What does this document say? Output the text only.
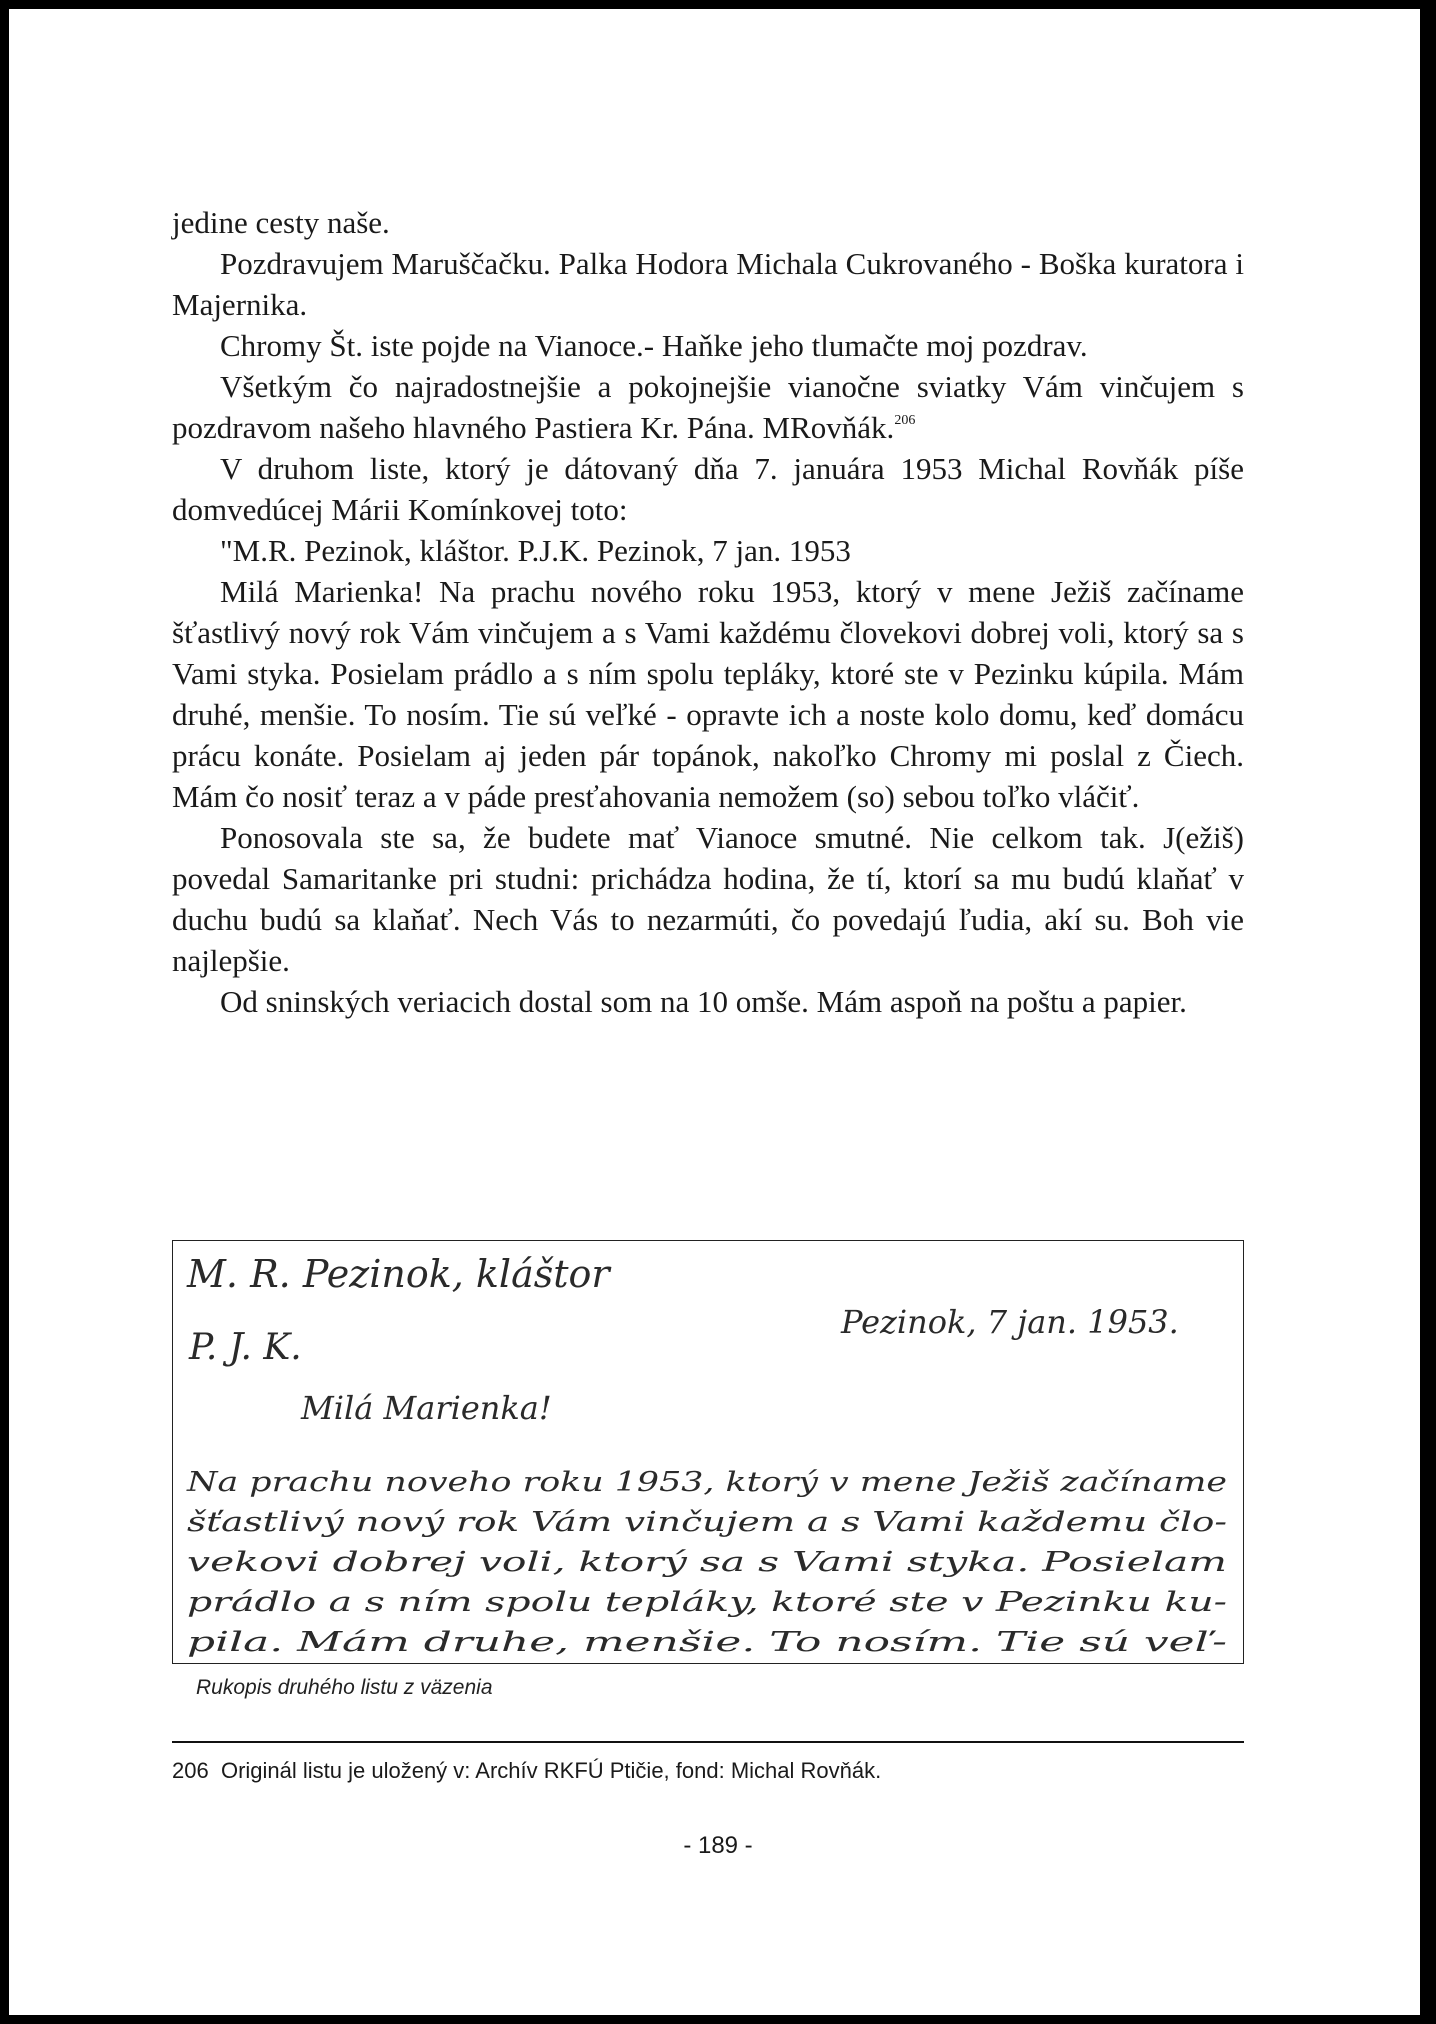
jedine cesty naše.

Pozdravujem Maruščačku. Palka Hodora Michala Cukrovaného - Boška kuratora i Majernika.

Chromy Št. iste pojde na Vianoce.- Haňke jeho tlumačte moj pozdrav.

Všetkým čo najradostnejšie a pokojnejšie vianočne sviatky Vám vinčujem s pozdravom našeho hlavného Pastiera Kr. Pána. MRovňák.$^{206}$

V druhom liste, ktorý je dátovaný dňa 7. januára 1953 Michal Rovňák píše domvedúcej Márii Komínkovej toto:

"M.R. Pezinok, kláštor. P.J.K. Pezinok, 7 jan. 1953

Milá Marienka! Na prachu nového roku 1953, ktorý v mene Ježiš začíname šťastlivý nový rok Vám vinčujem a s Vami každému človekovi dobrej voli, ktorý sa s Vami styka. Posielam prádlo a s ním spolu tepláky, ktoré ste v Pezinku kúpila. Mám druhé, menšie. To nosím. Tie sú veľké - opravte ich a noste kolo domu, keď domácu prácu konáte. Posielam aj jeden pár topánok, nakoľko Chromy mi poslal z Čiech. Mám čo nosiť teraz a v páde presťahovania nemožem (so) sebou toľko vláčiť.

Ponosovala ste sa, že budete mať Vianoce smutné. Nie celkom tak. J(ežiš) povedal Samaritanke pri studni: prichádza hodina, že tí, ktorí sa mu budú klaňať v duchu budú sa klaňať. Nech Vás to nezarmúti, čo povedajú ľudia, akí su. Boh vie najlepšie.

Od sninských veriacich dostal som na 10 omše. Mám aspoň na poštu a papier.

M. R. Pezinok, kláštor
Pezinok, 7 jan. 1953.
P. J. K.
Milá Marienka!
Na prachu noveho roku 1953, ktorý v mene Ježiš začíname
šťastlivý nový rok Vám vinčujem a s Vami každemu člo-
vekovi dobrej voli, ktorý sa s Vami styka. Posielam
prádlo a s ním spolu tepláky, ktoré ste v Pezinku ku-
pila. Mám druhe, menšie. To nosím. Tie sú veľ-
Rukopis druhého listu z väzenia
206 Originál listu je uložený v: Archív RKFÚ Ptičie, fond: Michal Rovňák.
- 189 -
